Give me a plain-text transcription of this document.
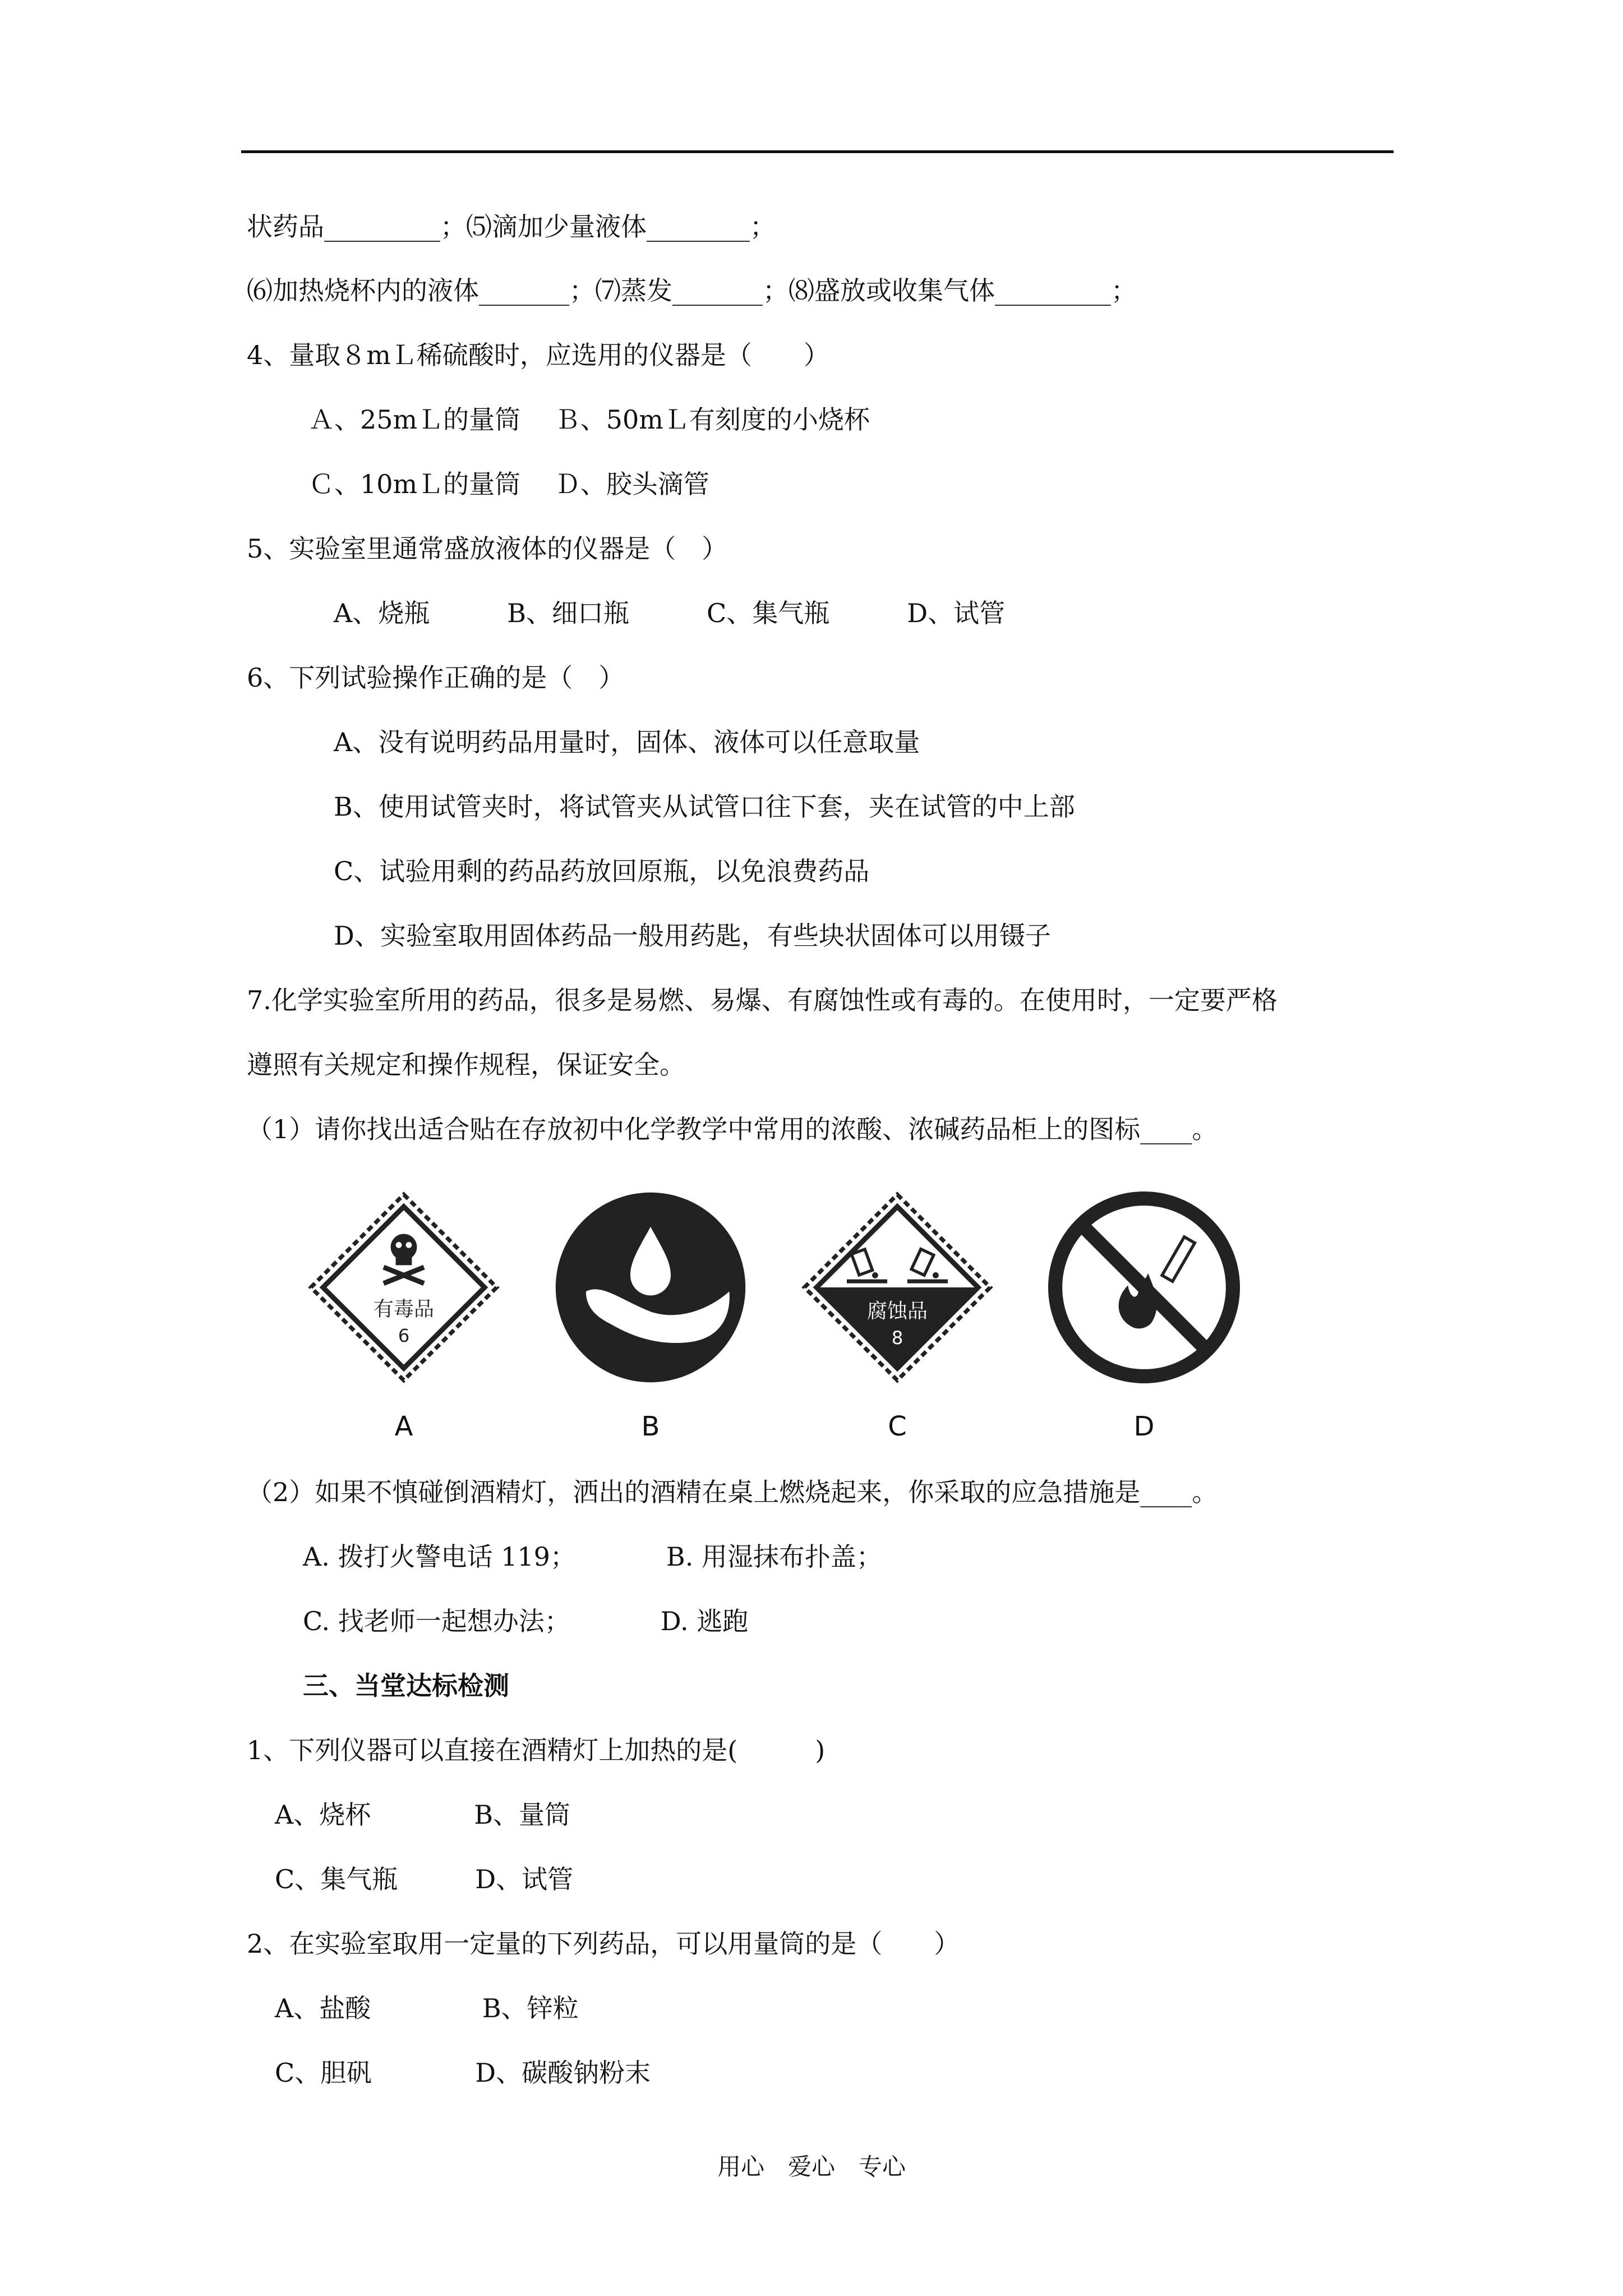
状药品_________；⑸滴加少量液体________；
⑹加热烧杯内的液体_______；⑺蒸发_______；⑻盛放或收集气体_________；
4、量取８mＬ稀硫酸时，应选用的仪器是（　　）
Ａ、25mＬ的量筒　 Ｂ、50mＬ有刻度的小烧杯
Ｃ、10mＬ的量筒　 Ｄ、胶头滴管
5、实验室里通常盛放液体的仪器是（　）
A、烧瓶　　　B、细口瓶　　　C、集气瓶　　　D、试管
6、下列试验操作正确的是（　）
A、没有说明药品用量时，固体、液体可以任意取量
B、使用试管夹时，将试管夹从试管口往下套，夹在试管的中上部
C、试验用剩的药品药放回原瓶，以免浪费药品
D、实验室取用固体药品一般用药匙，有些块状固体可以用镊子
7.化学实验室所用的药品，很多是易燃、易爆、有腐蚀性或有毒的。在使用时，一定要严格
遵照有关规定和操作规程，保证安全。
（1）请你找出适合贴在存放初中化学教学中常用的浓酸、浓碱药品柜上的图标____。
有毒品
6
腐蚀品
8
A	B	C	D
（2）如果不慎碰倒酒精灯，洒出的酒精在桌上燃烧起来，你采取的应急措施是____。
A. 拨打火警电话 119；　　　　B. 用湿抹布扑盖；
C. 找老师一起想办法；　　　　D. 逃跑
三、当堂达标检测
1、下列仪器可以直接在酒精灯上加热的是(　　　)
A、烧杯　　　　B、量筒
C、集气瓶　　　D、试管
2、在实验室取用一定量的下列药品，可以用量筒的是（　　）
A、盐酸　　　　 B、锌粒
C、胆矾　　　　D、碳酸钠粉末
用心　爱心　专心
